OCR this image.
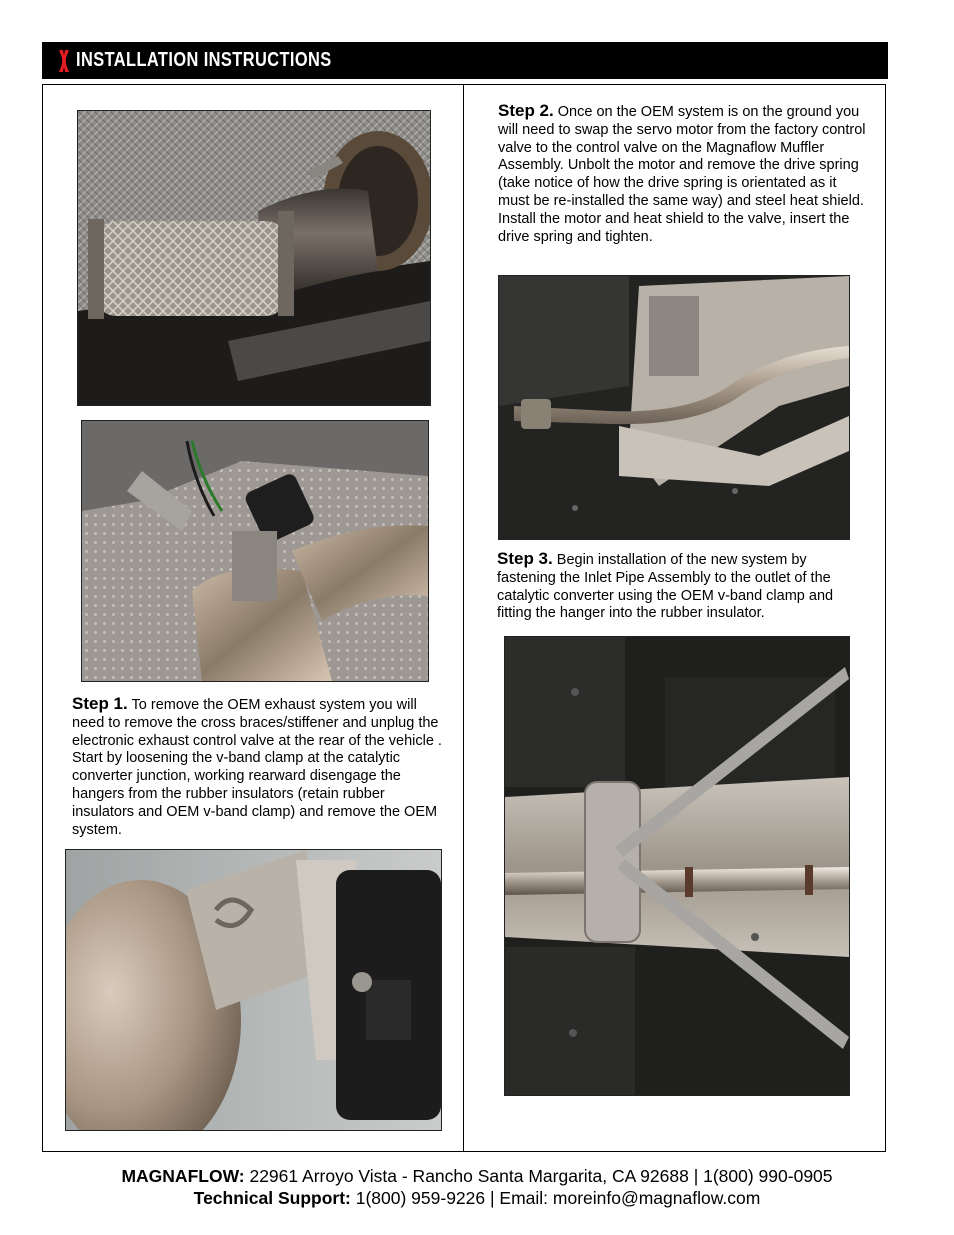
INSTALLATION INSTRUCTIONS
Step 1. To remove the OEM exhaust system you will need to remove the cross braces/stiffener and unplug the electronic exhaust control valve at the rear of the vehicle . Start by loosening the v-band clamp at the catalytic converter junction, working rearward disengage the hangers from the rubber insulators (retain rubber insulators and OEM v-band clamp) and remove the OEM system.
Step 2. Once on the OEM system is on the ground you will need to swap the servo motor from the factory control valve to the control valve on the Magnaflow Muffler Assembly. Unbolt the motor and remove the drive spring (take notice of how the drive spring is orientated as it must be re-installed the same way) and steel heat shield. Install the motor and heat shield to the valve, insert the drive spring and tighten.
Step 3. Begin installation of the new system by fastening the Inlet Pipe Assembly to the outlet of the catalytic converter using the OEM v-band clamp and fitting the hanger into the rubber insulator.
MAGNAFLOW: 22961 Arroyo Vista - Rancho Santa Margarita, CA 92688 | 1(800) 990-0905
Technical Support: 1(800) 959-9226 | Email: moreinfo@magnaflow.com
